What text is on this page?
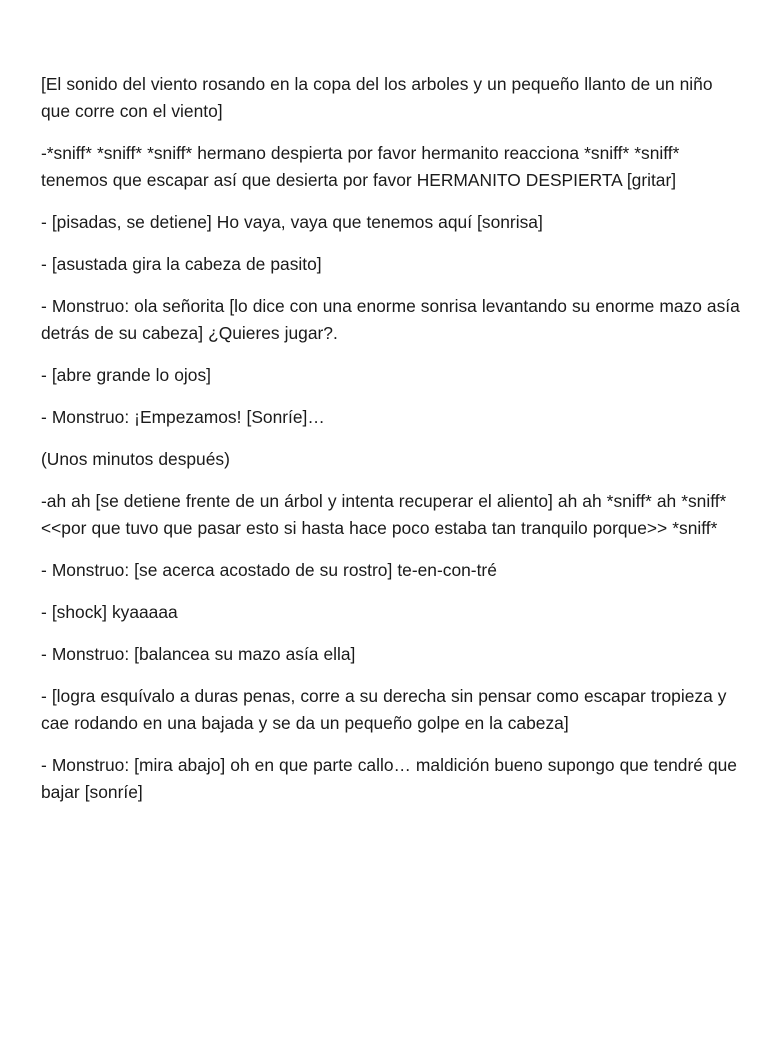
[El sonido del viento rosando en la copa del los arboles y un pequeño llanto de un niño que corre con el viento]

-*sniff* *sniff* *sniff* hermano despierta por favor hermanito reacciona *sniff* *sniff* tenemos que escapar así que desierta por favor HERMANITO DESPIERTA [gritar]

- [pisadas, se detiene] Ho vaya, vaya que tenemos aquí [sonrisa]

- [asustada gira la cabeza de pasito]

- Monstruo: ola señorita [lo dice con una enorme sonrisa levantando su enorme mazo asía detrás de su cabeza] ¿Quieres jugar?.

- [abre grande lo ojos]

- Monstruo: ¡Empezamos! [Sonríe]…

(Unos minutos después)

-ah ah [se detiene frente de un árbol y intenta recuperar el aliento] ah ah *sniff* ah *sniff* <<por que tuvo que pasar esto si hasta hace poco estaba tan tranquilo porque>> *sniff*

- Monstruo: [se acerca acostado de su rostro] te-en-con-tré

- [shock] kyaaaaa

- Monstruo: [balancea su mazo asía ella]

- [logra esquívalo a duras penas, corre a su derecha sin pensar como escapar tropieza y cae rodando en una bajada y se da un pequeño golpe en la cabeza]

- Monstruo: [mira abajo] oh en que parte callo… maldición bueno supongo que tendré que bajar [sonríe]
